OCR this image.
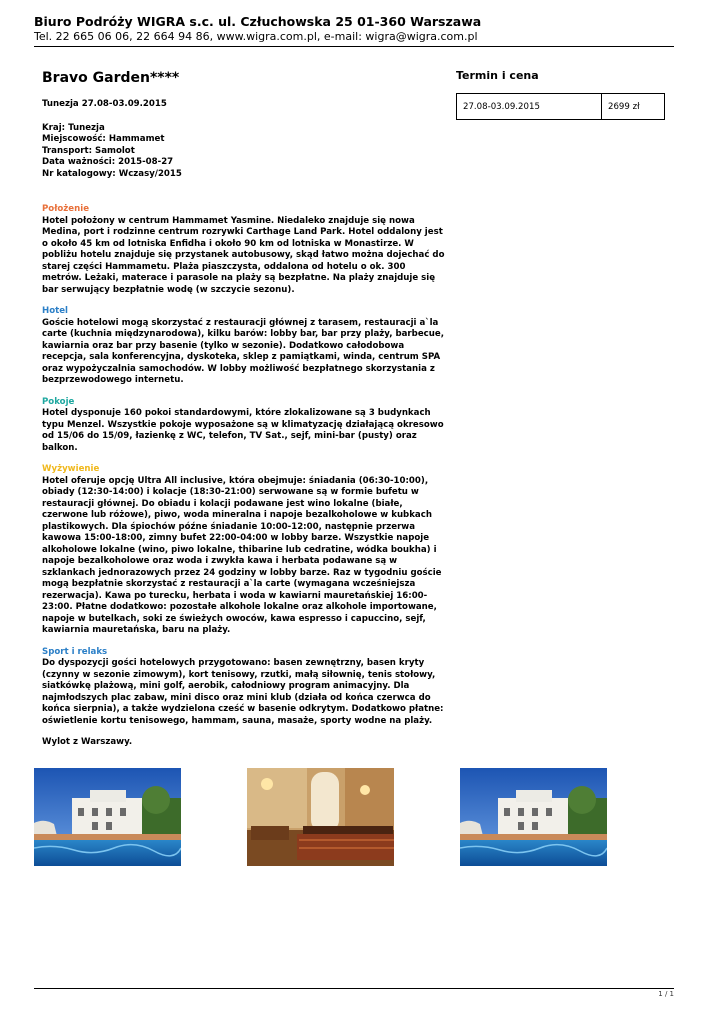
Biuro Podróży WIGRA s.c. ul. Człuchowska 25 01-360 Warszawa
Tel. 22 665 06 06, 22 664 94 86, www.wigra.com.pl, e-mail: wigra@wigra.com.pl
Bravo Garden****
Tunezja 27.08-03.09.2015
Kraj: Tunezja
Miejscowość: Hammamet
Transport: Samolot
Data ważności: 2015-08-27
Nr katalogowy: Wczasy/2015
Położenie
Hotel położony w centrum Hammamet Yasmine. Niedaleko znajduje się nowa Medina, port i rodzinne centrum rozrywki Carthage Land Park. Hotel oddalony jest o około 45 km od lotniska Enfidha i około 90 km od lotniska w Monastirze. W pobliżu hotelu znajduje się przystanek autobusowy, skąd łatwo można dojechać do starej części Hammametu. Plaża piaszczysta, oddalona od hotelu o ok. 300 metrów. Leżaki, materace i parasole na plaży są bezpłatne. Na plaży znajduje się bar serwujący bezpłatnie wodę (w szczycie sezonu).
Hotel
Goście hotelowi mogą skorzystać z restauracji głównej z tarasem, restauracji a`la carte (kuchnia międzynarodowa), kilku barów: lobby bar, bar przy plaży, barbecue, kawiarnia oraz bar przy basenie (tylko w sezonie). Dodatkowo całodobowa recepcja, sala konferencyjna, dyskoteka, sklep z pamiątkami, winda, centrum SPA oraz wypożyczalnia samochodów. W lobby możliwość bezpłatnego skorzystania z bezprzewodowego internetu.
Pokoje
Hotel dysponuje 160 pokoi standardowymi, które zlokalizowane są 3 budynkach typu Menzel. Wszystkie pokoje wyposażone są w klimatyzację działającą okresowo od 15/06 do 15/09, łazienkę z WC, telefon, TV Sat., sejf, mini-bar (pusty) oraz balkon.
Wyżywienie
Hotel oferuje opcję Ultra All inclusive, która obejmuje: śniadania (06:30-10:00), obiady (12:30-14:00) i kolacje (18:30-21:00) serwowane są w formie bufetu w restauracji głównej. Do obiadu i kolacji podawane jest wino lokalne (białe, czerwone lub różowe), piwo, woda mineralna i napoje bezalkoholowe w kubkach plastikowych. Dla śpiochów późne śniadanie 10:00-12:00, następnie przerwa kawowa 15:00-18:00, zimny bufet 22:00-04:00 w lobby barze. Wszystkie napoje alkoholowe lokalne (wino, piwo lokalne, thibarine lub cedratine, wódka boukha) i napoje bezalkoholowe oraz woda i zwykła kawa i herbata podawane są w szklankach jednorazowych przez 24 godziny w lobby barze. Raz w tygodniu goście mogą bezpłatnie skorzystać z restauracji a`la carte (wymagana wcześniejsza rezerwacja). Kawa po turecku, herbata i woda w kawiarni mauretańskiej 16:00-23:00. Płatne dodatkowo: pozostałe alkohole lokalne oraz alkohole importowane, napoje w butelkach, soki ze świeżych owoców, kawa espresso i capuccino, sejf, kawiarnia mauretańska, baru na plaży.
Sport i relaks
Do dyspozycji gości hotelowych przygotowano: basen zewnętrzny, basen kryty (czynny w sezonie zimowym), kort tenisowy, rzutki, małą siłownię, tenis stołowy, siatkówkę plażową, mini golf, aerobik, całodniowy program animacyjny. Dla najmłodszych plac zabaw, mini disco oraz mini klub (działa od końca czerwca do końca sierpnia), a także wydzielona cześć w basenie odkrytym. Dodatkowo płatne: oświetlenie kortu tenisowego, hammam, sauna, masaże, sporty wodne na plaży.
Wylot z Warszawy.
Termin i cena
27.08-03.09.2015	2699 zł
1 / 1
